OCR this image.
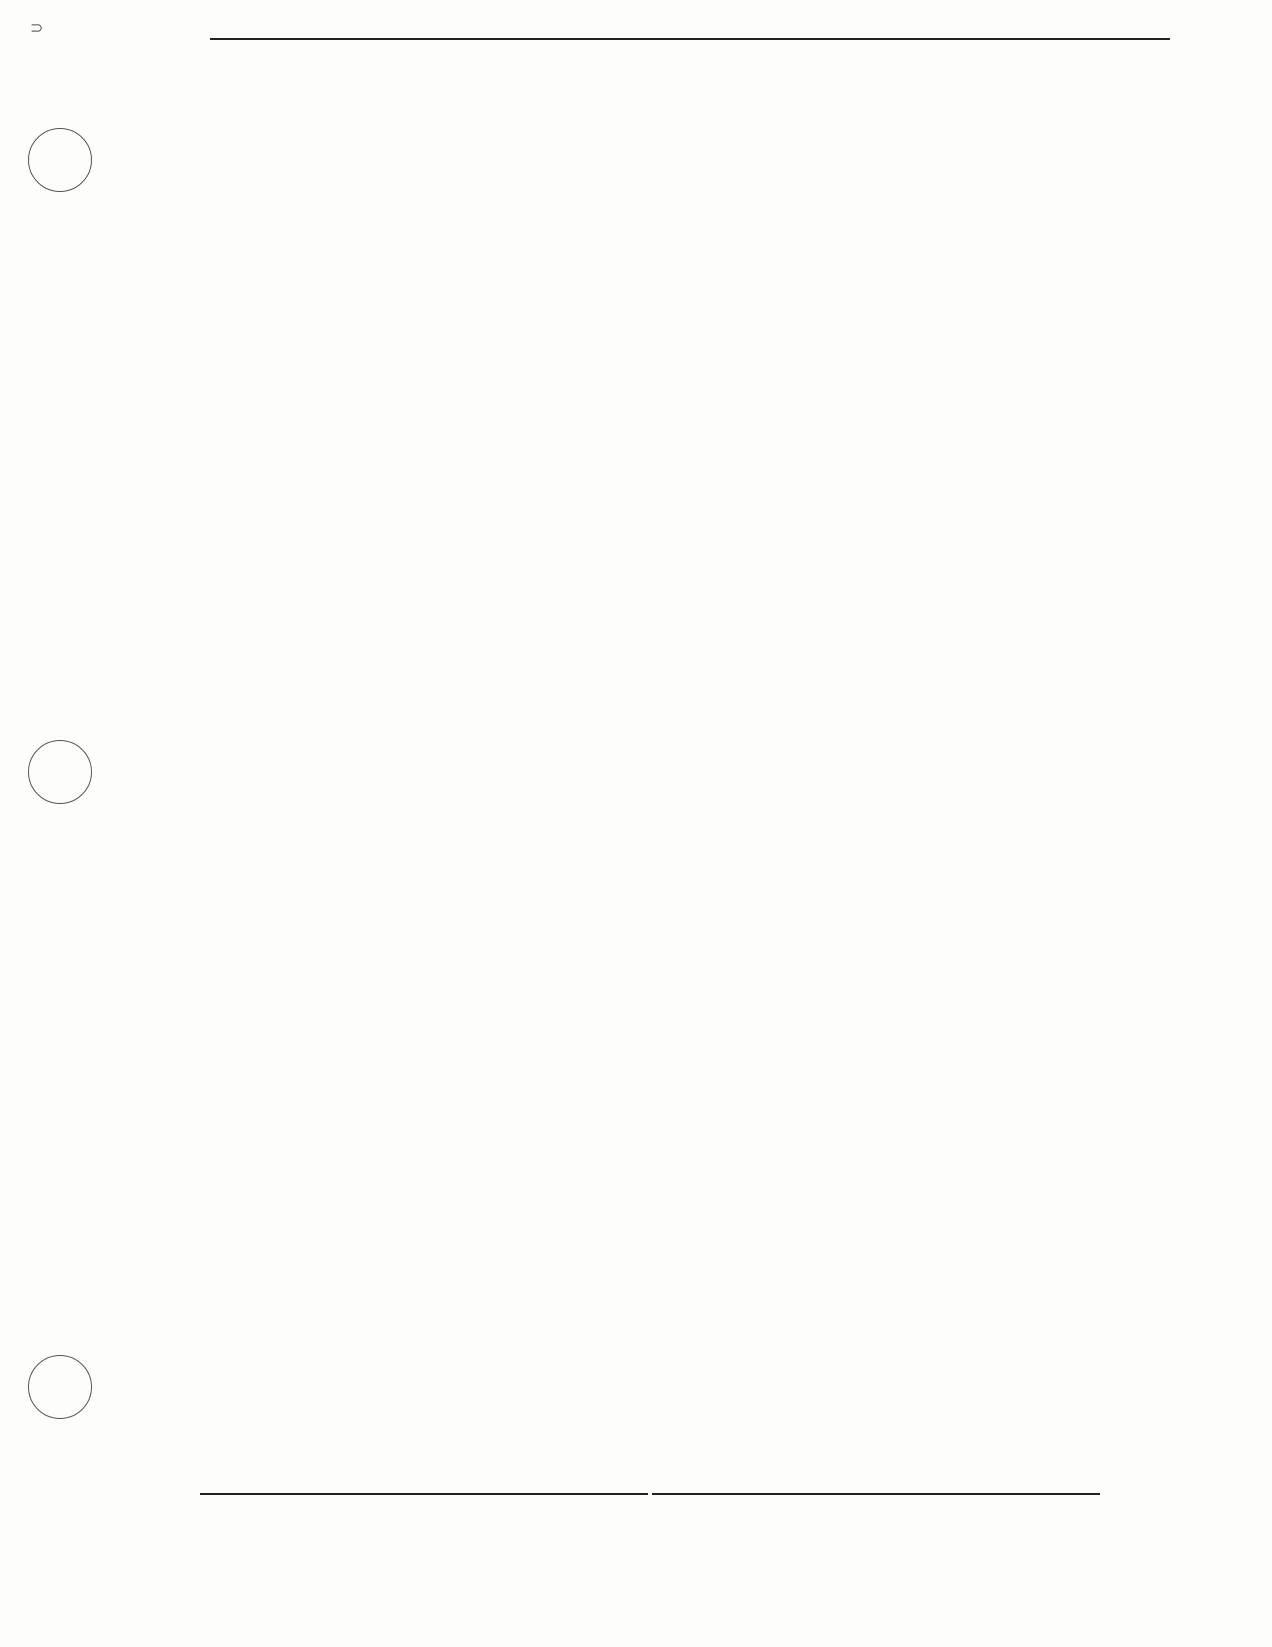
⊃
